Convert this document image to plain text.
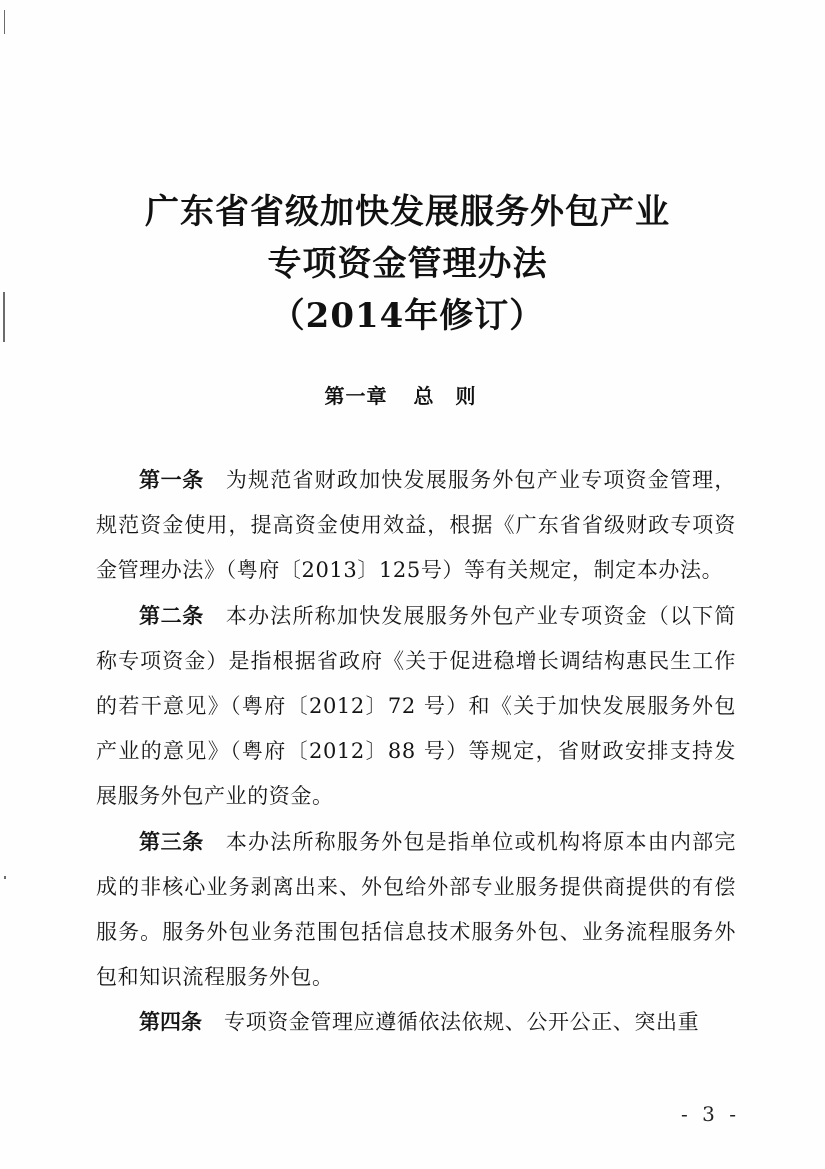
广东省省级加快发展服务外包产业
专项资金管理办法
（2014年修订）
第一章 总　则

第一条 为规范省财政加快发展服务外包产业专项资金管理，规范资金使用，提高资金使用效益，根据《广东省省级财政专项资金管理办法》（粤府〔2013〕125号）等有关规定，制定本办法。

第二条 本办法所称加快发展服务外包产业专项资金（以下简称专项资金）是指根据省政府《关于促进稳增长调结构惠民生工作的若干意见》（粤府〔2012〕72 号）和《关于加快发展服务外包产业的意见》（粤府〔2012〕88 号）等规定，省财政安排支持发展服务外包产业的资金。

第三条 本办法所称服务外包是指单位或机构将原本由内部完成的非核心业务剥离出来、外包给外部专业服务提供商提供的有偿服务。服务外包业务范围包括信息技术服务外包、业务流程服务外包和知识流程服务外包。

第四条 专项资金管理应遵循依法依规、公开公正、突出重

- 3 -
